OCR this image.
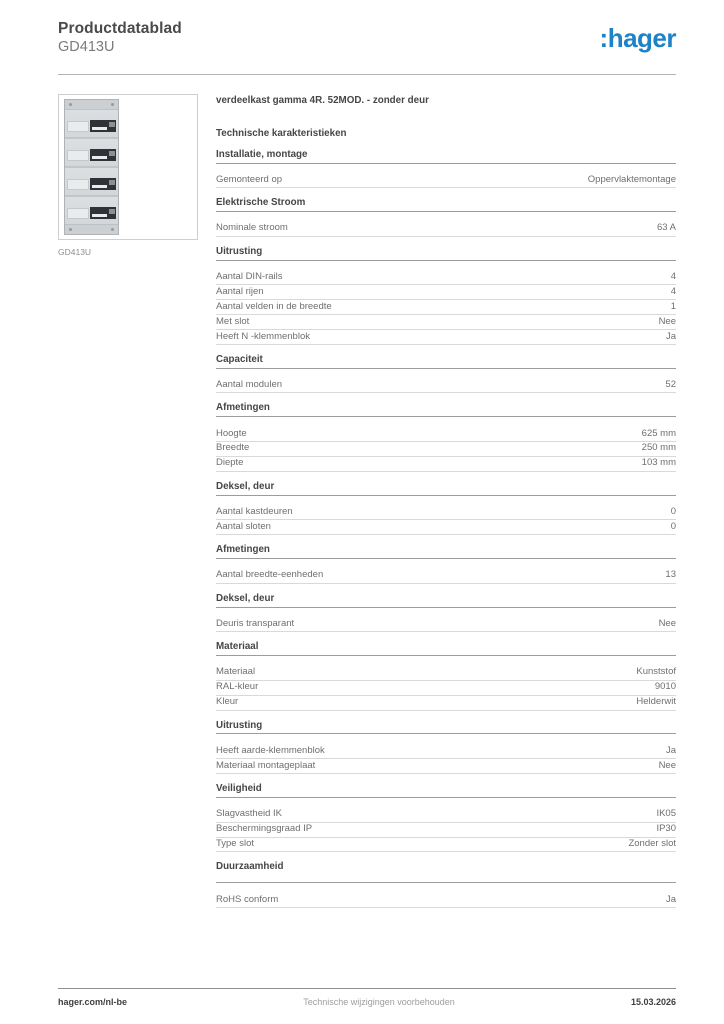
Productdatablad
GD413U	:hager
GD413U
verdeelkast gamma 4R. 52MOD. - zonder deur
Technische karakteristieken
Installatie, montage
Gemonteerd op	Oppervlaktemontage
Elektrische Stroom
Nominale stroom	63 A
Uitrusting
Aantal DIN-rails	4
Aantal rijen	4
Aantal velden in de breedte	1
Met slot	Nee
Heeft N -klemmenblok	Ja
Capaciteit
Aantal modulen	52
Afmetingen
Hoogte	625 mm
Breedte	250 mm
Diepte	103 mm
Deksel, deur
Aantal kastdeuren	0
Aantal sloten	0
Afmetingen
Aantal breedte-eenheden	13
Deksel, deur
Deuris transparant	Nee
Materiaal
Materiaal	Kunststof
RAL-kleur	9010
Kleur	Helderwit
Uitrusting
Heeft aarde-klemmenblok	Ja
Materiaal montageplaat	Nee
Veiligheid
Slagvastheid IK	IK05
Beschermingsgraad IP	IP30
Type slot	Zonder slot
Duurzaamheid
RoHS conform	Ja
hager.com/nl-be	Technische wijzigingen voorbehouden	15.03.2026
